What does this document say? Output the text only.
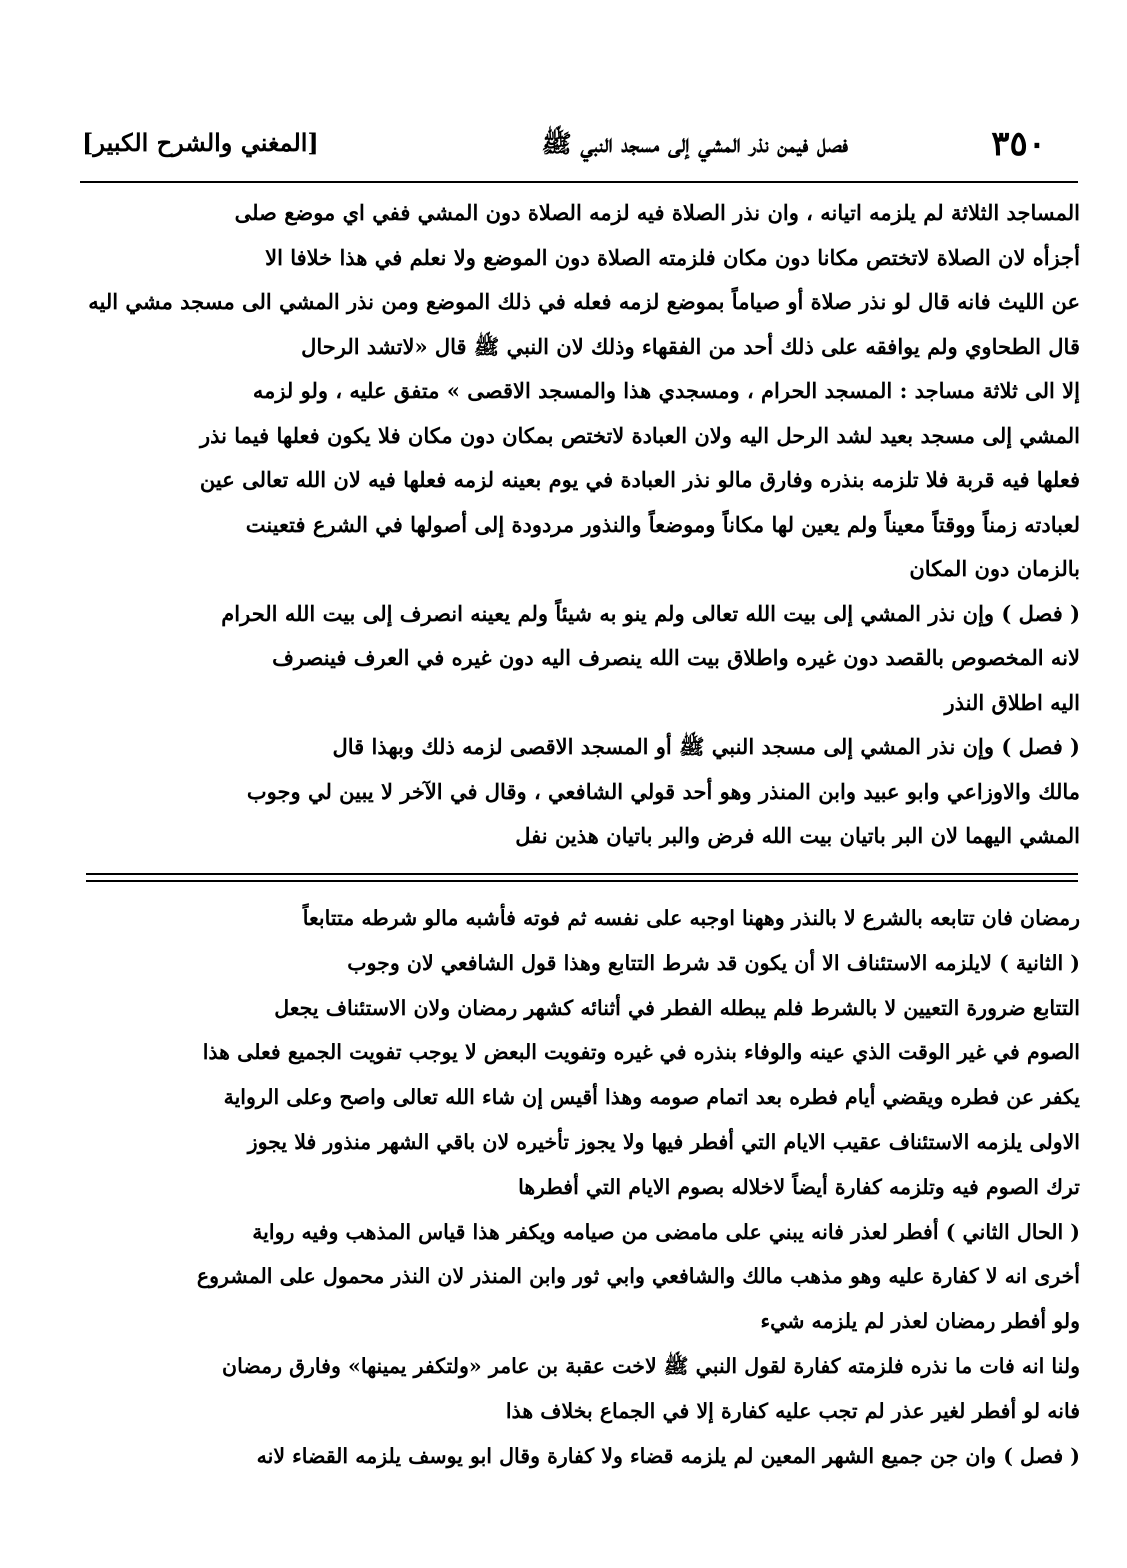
٣٥٠
فصل فيمن نذر المشي إلى مسجد النبي ﷺ
[المغني والشرح الكبير]
المساجد الثلاثة لم يلزمه اتيانه ، وان نذر الصلاة فيه لزمه الصلاة دون المشي ففي اي موضع صلى
أجزأه لان الصلاة لاتختص مكانا دون مكان فلزمته الصلاة دون الموضع ولا نعلم في هذا خلافا الا
عن الليث فانه قال لو نذر صلاة أو صياماً بموضع لزمه فعله في ذلك الموضع ومن نذر المشي الى مسجد مشي اليه
قال الطحاوي ولم يوافقه على ذلك أحد من الفقهاء وذلك لان النبي ﷺ قال «لاتشد الرحال
إلا الى ثلاثة مساجد : المسجد الحرام ، ومسجدي هذا والمسجد الاقصى » متفق عليه ، ولو لزمه
المشي إلى مسجد بعيد لشد الرحل اليه ولان العبادة لاتختص بمكان دون مكان فلا يكون فعلها فيما نذر
فعلها فيه قربة فلا تلزمه بنذره وفارق مالو نذر العبادة في يوم بعينه لزمه فعلها فيه لان الله تعالى عين
لعبادته زمناً ووقتاً معيناً ولم يعين لها مكاناً وموضعاً والنذور مردودة إلى أصولها في الشرع فتعينت
بالزمان دون المكان
( فصل ) وإن نذر المشي إلى بيت الله تعالى ولم ينو به شيئاً ولم يعينه انصرف إلى بيت الله الحرام
لانه المخصوص بالقصد دون غيره واطلاق بيت الله ينصرف اليه دون غيره في العرف فينصرف
اليه اطلاق النذر
( فصل ) وإن نذر المشي إلى مسجد النبي ﷺ أو المسجد الاقصى لزمه ذلك وبهذا قال
مالك والاوزاعي وابو عبيد وابن المنذر وهو أحد قولي الشافعي ، وقال في الآخر لا يبين لي وجوب
المشي اليهما لان البر باتيان بيت الله فرض والبر باتيان هذين نفل
رمضان فان تتابعه بالشرع لا بالنذر وههنا اوجبه على نفسه ثم فوته فأشبه مالو شرطه متتابعاً
( الثانية ) لايلزمه الاستئناف الا أن يكون قد شرط التتابع وهذا قول الشافعي لان وجوب
التتابع ضرورة التعيين لا بالشرط فلم يبطله الفطر في أثنائه كشهر رمضان ولان الاستئناف يجعل
الصوم في غير الوقت الذي عينه والوفاء بنذره في غيره وتفويت البعض لا يوجب تفويت الجميع فعلى هذا
يكفر عن فطره ويقضي أيام فطره بعد اتمام صومه وهذا أقيس إن شاء الله تعالى واصح وعلى الرواية
الاولى يلزمه الاستئناف عقيب الايام التي أفطر فيها ولا يجوز تأخيره لان باقي الشهر منذور فلا يجوز
ترك الصوم فيه وتلزمه كفارة أيضاً لاخلاله بصوم الايام التي أفطرها
( الحال الثاني ) أفطر لعذر فانه يبني على مامضى من صيامه ويكفر هذا قياس المذهب وفيه رواية
أخرى انه لا كفارة عليه وهو مذهب مالك والشافعي وابي ثور وابن المنذر لان النذر محمول على المشروع
ولو أفطر رمضان لعذر لم يلزمه شيء
ولنا انه فات ما نذره فلزمته كفارة لقول النبي ﷺ لاخت عقبة بن عامر «ولتكفر يمينها» وفارق رمضان
فانه لو أفطر لغير عذر لم تجب عليه كفارة إلا في الجماع بخلاف هذا
( فصل ) وان جن جميع الشهر المعين لم يلزمه قضاء ولا كفارة وقال ابو يوسف يلزمه القضاء لانه
